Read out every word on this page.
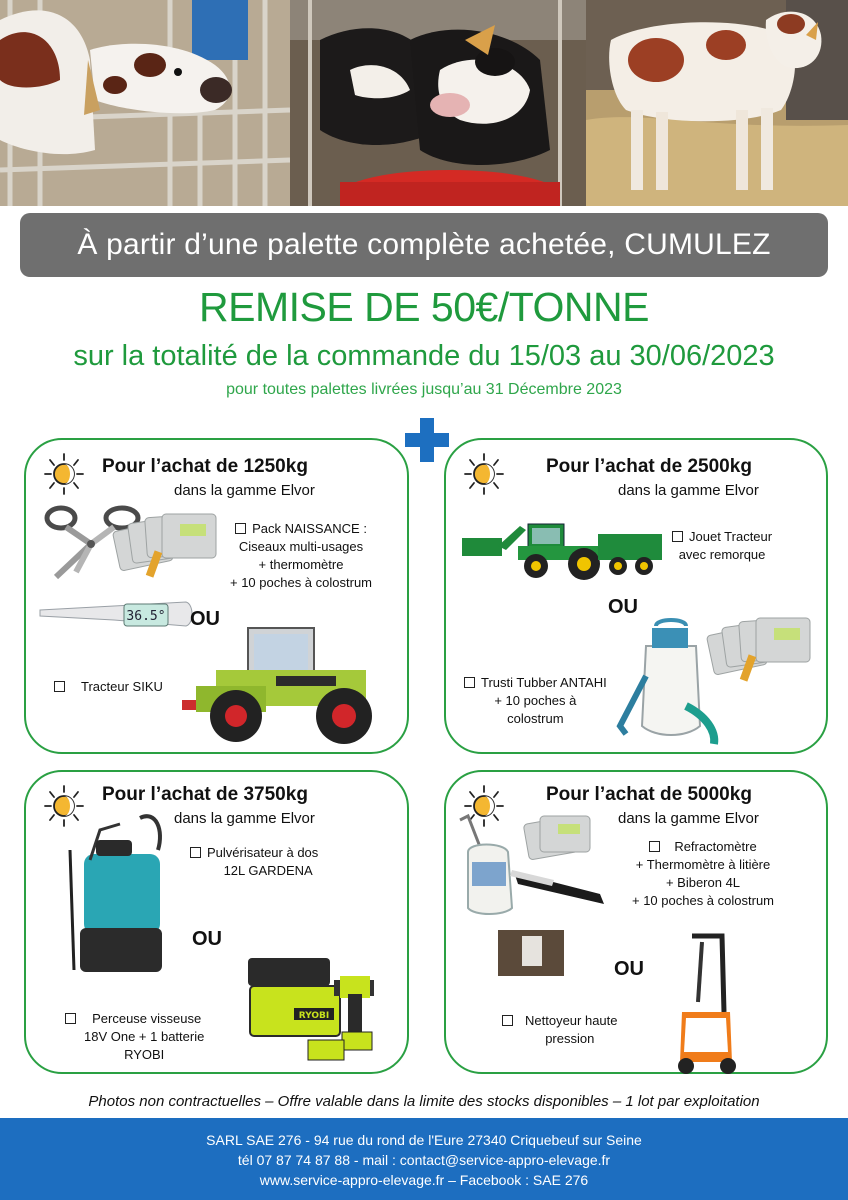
À partir d’une palette complète achetée, CUMULEZ
REMISE DE 50€/TONNE
sur la totalité de la commande du 15/03 au 30/06/2023
pour toutes palettes livrées jusqu’au 31 Décembre 2023
Pour l’achat de 1250kg
dans la gamme Elvor
Pack NAISSANCE :
Ciseaux multi-usages
+ thermomètre
+ 10 poches à colostrum
36.5° OU
Tracteur SIKU
Pour l’achat de 2500kg
dans la gamme Elvor
Jouet Tracteur
avec remorque
OU
Trusti Tubber ANTAHI
+ 10 poches à
colostrum
Pour l’achat de 3750kg
dans la gamme Elvor
Pulvérisateur à dos
12L GARDENA
OU
RYOBI
Perceuse visseuse
18V One + 1 batterie
RYOBI
Pour l’achat de 5000kg
dans la gamme Elvor
Refractomètre
+ Thermomètre à litière
+ Biberon 4L
+ 10 poches à colostrum
OU
Nettoyeur haute
pression
Photos non contractuelles – Offre valable dans la limite des stocks disponibles – 1 lot par exploitation
SARL SAE 276 - 94 rue du rond de l'Eure 27340 Criquebeuf sur Seine
tél 07 87 74 87 88 - mail : contact@service-appro-elevage.fr
www.service-appro-elevage.fr – Facebook : SAE 276
